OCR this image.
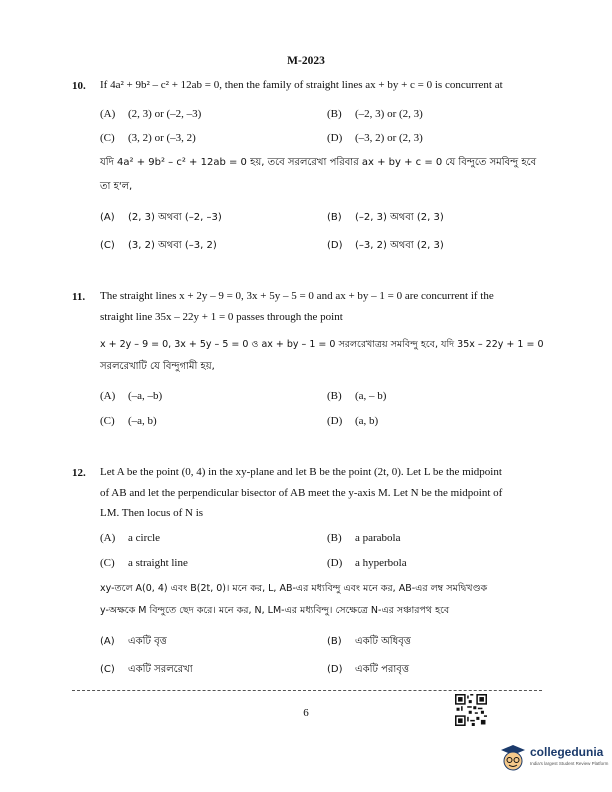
M-2023
10. If 4a² + 9b² – c² + 12ab = 0, then the family of straight lines ax + by + c = 0 is concurrent at
(A) (2, 3) or (–2, –3)	(B) (–2, 3) or (2, 3)
(C) (3, 2) or (–3, 2)	(D) (–3, 2) or (2, 3)
যদি 4a² + 9b² – c² + 12ab = 0 হয়, তবে সরলরেখা পরিবার ax + by + c = 0 যে বিন্দুতে সমবিন্দু হবে
তা হ'ল,
(A) (2, 3) অথবা (–2, –3)	(B) (–2, 3) অথবা (2, 3)
(C) (3, 2) অথবা (–3, 2)	(D) (–3, 2) অথবা (2, 3)
11. The straight lines x + 2y – 9 = 0, 3x + 5y – 5 = 0 and ax + by – 1 = 0 are concurrent if the
straight line 35x – 22y + 1 = 0 passes through the point
x + 2y – 9 = 0, 3x + 5y – 5 = 0 ও ax + by – 1 = 0 সরলরেখাত্রয় সমবিন্দু হবে, যদি 35x – 22y + 1 = 0
সরলরেখাটি যে বিন্দুগামী হয়,
(A) (–a, –b)	(B) (a, – b)
(C) (–a, b)	(D) (a, b)
12. Let A be the point (0, 4) in the xy-plane and let B be the point (2t, 0). Let L be the midpoint
of AB and let the perpendicular bisector of AB meet the y-axis M. Let N be the midpoint of
LM. Then locus of N is
(A) a circle	(B) a parabola
(C) a straight line	(D) a hyperbola
xy-তলে A(0, 4) এবং B(2t, 0)। মনে কর, L, AB-এর মধ্যবিন্দু এবং মনে কর, AB-এর লম্ব সমদ্বিখণ্ডক
y-অক্ষকে M বিন্দুতে ছেদ করে। মনে কর, N, LM-এর মধ্যবিন্দু। সেক্ষেত্রে N-এর সঞ্চারপথ হবে
(A) একটি বৃত্ত	(B) একটি অধিবৃত্ত
(C) একটি সরলরেখা	(D) একটি পরাবৃত্ত
6
collegedunia
India's largest Student Review Platform
